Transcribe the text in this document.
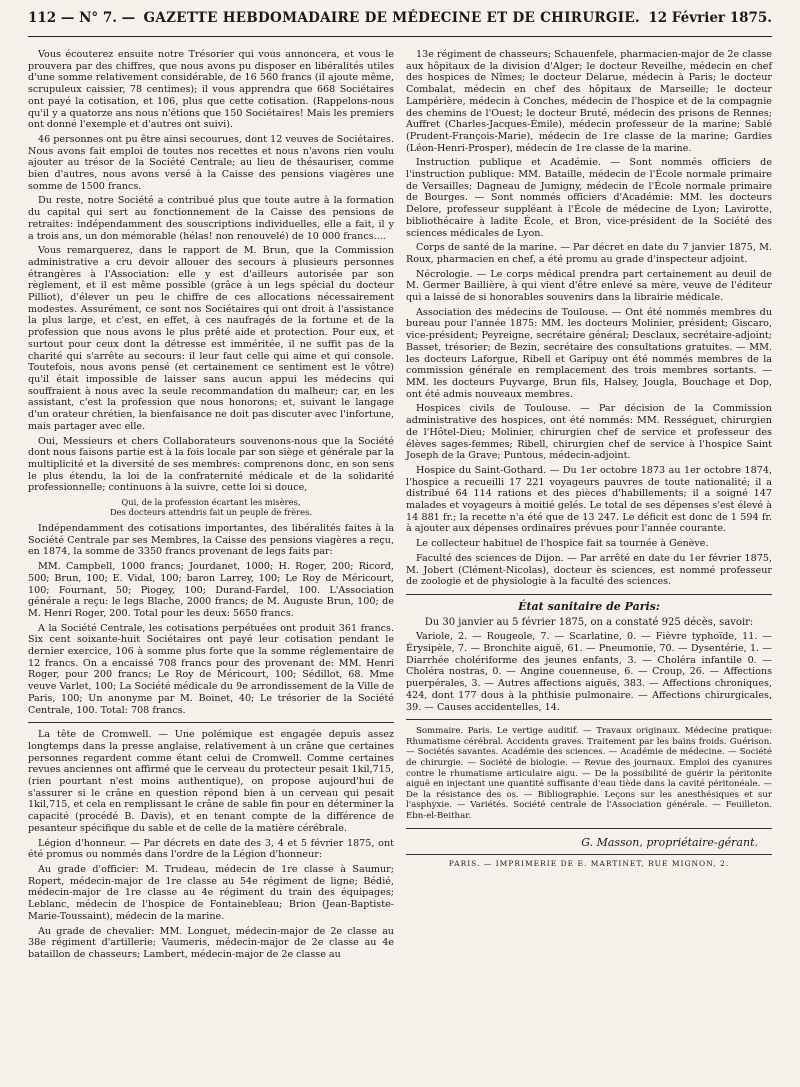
112 — N° 7. — GAZETTE HEBDOMADAIRE DE MÉDECINE ET DE CHIRURGIE. 12 Février 1875.

Vous écouterez ensuite notre Trésorier qui vous annoncera, et vous le prouvera par des chiffres, que nous avons pu disposer en libéralités utiles d'une somme relativement considérable, de 16 560 francs (il ajoute même, scrupuleux caissier, 78 centimes); il vous apprendra que 668 Sociétaires ont payé la cotisation, et 106, plus que cette cotisation. (Rappelons-nous qu'il y a quatorze ans nous n'étions que 150 Sociétaires! Mais les premiers ont donné l'exemple et d'autres ont suivi).

46 personnes ont pu être ainsi secourues, dont 12 veuves de Sociétaires. Nous avons fait emploi de toutes nos recettes et nous n'avons rien voulu ajouter au trésor de la Société Centrale; au lieu de thésauriser, comme bien d'autres, nous avons versé à la Caisse des pensions viagères une somme de 1500 francs.

Du reste, notre Société a contribué plus que toute autre à la formation du capital qui sert au fonctionnement de la Caisse des pensions de retraites: indépendamment des souscriptions individuelles, elle a fait, il y a trois ans, un don mémorable (hélas! non renouvelé) de 10 000 francs....

Vous remarquerez, dans le rapport de M. Brun, que la Commission administrative a cru devoir allouer des secours à plusieurs personnes étrangères à l'Association: elle y est d'ailleurs autorisée par son règlement, et il est même possible (grâce à un legs spécial du docteur Pilliot), d'élever un peu le chiffre de ces allocations nécessairement modestes. Assurément, ce sont nos Sociétaires qui ont droit à l'assistance la plus large, et c'est, en effet, à ces naufragés de la fortune et de la profession que nous avons le plus prêté aide et protection. Pour eux, et surtout pour ceux dont la détresse est imméritée, il ne suffit pas de la charité qui s'arrête au secours: il leur faut celle qui aime et qui console. Toutefois, nous avons pensé (et certainement ce sentiment est le vôtre) qu'il était impossible de laisser sans aucun appui les médecins qui souffraient à nous avec la seule recommandation du malheur; car, en les assistant, c'est la profession que nous honorons; et, suivant le langage d'un orateur chrétien, la bienfaisance ne doit pas discuter avec l'infortune, mais partager avec elle.

Oui, Messieurs et chers Collaborateurs souvenons-nous que la Société dont nous faisons partie est à la fois locale par son siège et générale par la multiplicité et la diversité de ses membres: comprenons donc, en son sens le plus étendu, la loi de la confraternité médicale et de la solidarité professionnelle; continuons à la suivre, cette loi si douce,

Qui, de la profession écartant les misères,
Des docteurs attendris fait un peuple de frères.

Indépendamment des cotisations importantes, des libéralités faites à la Société Centrale par ses Membres, la Caisse des pensions viagères a reçu, en 1874, la somme de 3350 francs provenant de legs faits par:

MM. Campbell, 1000 francs; Jourdanet, 1000; H. Roger, 200; Ricord, 500; Brun, 100; E. Vidal, 100; baron Larrey, 100; Le Roy de Méricourt, 100; Fournant, 50; Piogey, 100; Durand-Fardel, 100. L'Association générale a reçu: le legs Blache, 2000 francs; de M. Auguste Brun, 100; de M. Henri Roger, 200. Total pour les deux: 5650 francs.

A la Société Centrale, les cotisations perpétuées ont produit 361 francs. Six cent soixante-huit Sociétaires ont payé leur cotisation pendant le dernier exercice, 106 à somme plus forte que la somme réglementaire de 12 francs. On a encaissé 708 francs pour des provenant de: MM. Henri Roger, pour 200 francs; Le Roy de Méricourt, 100; Sédillot, 68. Mme veuve Varlet, 100; La Société médicale du 9e arrondissement de la Ville de Paris, 100; Un anonyme par M. Boinet, 40; Le trésorier de la Société Centrale, 100. Total: 708 francs.

La tête de Cromwell. — Une polémique est engagée depuis assez longtemps dans la presse anglaise, relativement à un crâne que certaines personnes regardent comme étant celui de Cromwell. Comme certaines revues anciennes ont affirmé que le cerveau du protecteur pesait 1kil,715, (rien pourtant n'est moins authentique), on propose aujourd'hui de s'assurer si le crâne en question répond bien à un cerveau qui pesait 1kil,715, et cela en remplissant le crâne de sable fin pour en déterminer la capacité (procédé B. Davis), et en tenant compte de la différence de pesanteur spécifique du sable et de celle de la matière cérébrale.

Légion d'honneur. — Par décrets en date des 3, 4 et 5 février 1875, ont été promus ou nommés dans l'ordre de la Légion d'honneur:

Au grade d'officier: M. Trudeau, médecin de 1re classe à Saumur; Ropert, médecin-major de 1re classe au 54e régiment de ligne; Bédié, médecin-major de 1re classe au 4e régiment du train des équipages; Leblanc, médecin de l'hospice de Fontainebleau; Brion (Jean-Baptiste-Marie-Toussaint), médecin de la marine.

Au grade de chevalier: MM. Longuet, médecin-major de 2e classe au 38e régiment d'artillerie; Vaumeris, médecin-major de 2e classe au 4e bataillon de chasseurs; Lambert, médecin-major de 2e classe au

13e régiment de chasseurs; Schauenfele, pharmacien-major de 2e classe aux hôpitaux de la division d'Alger; le docteur Reveilhe, médecin en chef des hospices de Nîmes; le docteur Delarue, médecin à Paris; le docteur Combalat, médecin en chef des hôpitaux de Marseille; le docteur Lampérière, médecin à Conches, médecin de l'hospice et de la compagnie des chemins de l'Ouest; le docteur Bruté, médecin des prisons de Rennes; Auffret (Charles-Jacques-Émile), médecin professeur de la marine; Sablé (Prudent-François-Marie), médecin de 1re classe de la marine; Gardies (Léon-Henri-Prosper), médecin de 1re classe de la marine.

Instruction publique et Académie. — Sont nommés officiers de l'instruction publique: MM. Bataille, médecin de l'École normale primaire de Versailles; Dagneau de Jumigny, médecin de l'École normale primaire de Bourges. — Sont nommés officiers d'Académie: MM. les docteurs Delore, professeur suppléant à l'École de médecine de Lyon; Lavirotte, bibliothécaire à ladite École, et Bron, vice-président de la Société des sciences médicales de Lyon.

Corps de santé de la marine. — Par décret en date du 7 janvier 1875, M. Roux, pharmacien en chef, a été promu au grade d'inspecteur adjoint.

Nécrologie. — Le corps médical prendra part certainement au deuil de M. Germer Baillière, à qui vient d'être enlevé sa mère, veuve de l'éditeur qui a laissé de si honorables souvenirs dans la librairie médicale.

Association des médecins de Toulouse. — Ont été nommés membres du bureau pour l'année 1875: MM. les docteurs Molinier, président; Giscaro, vice-président; Peyreigne, secrétaire général; Desclaux, secrétaire-adjoint; Basset, trésorier; de Bezin, secrétaire des consultations gratuites. — MM. les docteurs Laforgue, Ribell et Garipuy ont été nommés membres de la commission générale en remplacement des trois membres sortants. — MM. les docteurs Puyvarge, Brun fils, Halsey, Jougla, Bouchage et Dop, ont été admis nouveaux membres.

Hospices civils de Toulouse. — Par décision de la Commission administrative des hospices, ont été nommés: MM. Rességuet, chirurgien de l'Hôtel-Dieu; Molinier, chirurgien chef de service et professeur des élèves sages-femmes; Ribell, chirurgien chef de service à l'hospice Saint Joseph de la Grave; Puntous, médecin-adjoint.

Hospice du Saint-Gothard. — Du 1er octobre 1873 au 1er octobre 1874, l'hospice a recueilli 17 221 voyageurs pauvres de toute nationalité; il a distribué 64 114 rations et des pièces d'habillements; il a soigné 147 malades et voyageurs à moitié gelés. Le total de ses dépenses s'est élevé à 14 881 fr.; la recette n'a été que de 13 247. Le déficit est donc de 1 594 fr. à ajouter aux dépenses ordinaires prévues pour l'année courante.

Le collecteur habituel de l'hospice fait sa tournée à Genève.

Faculté des sciences de Dijon. — Par arrêté en date du 1er février 1875, M. Jobert (Clément-Nicolas), docteur ès sciences, est nommé professeur de zoologie et de physiologie à la faculté des sciences.

État sanitaire de Paris:
Du 30 janvier au 5 février 1875, on a constaté 925 décès, savoir:

Variole, 2. — Rougeole, 7. — Scarlatine, 0. — Fièvre typhoïde, 11. — Érysipèle, 7. — Bronchite aiguë, 61. — Pneumonie, 70. — Dysentérie, 1. — Diarrhée cholériforme des jeunes enfants, 3. — Choléra infantile 0. — Choléra nostras, 0. — Angine couenneuse, 6. — Croup, 26. — Affections puerpérales, 3. — Autres affections aiguës, 383. — Affections chroniques, 424, dont 177 dous à la phthisie pulmonaire. — Affections chirurgicales, 39. — Causes accidentelles, 14.

Sommaire. Paris. Le vertige auditif. — Travaux originaux. Médecine pratique: Rhumatisme cérébral. Accidents graves. Traitement par les bains froids. Guérison. — Sociétés savantes. Académie des sciences. — Académie de médecine. — Société de chirurgie. — Société de biologie. — Revue des journaux. Emploi des cyanures contre le rhumatisme articulaire aigu. — De la possibilité de guérir la péritonite aiguë en injectant une quantité suffisante d'eau tiède dans la cavité péritonéale. — De la résistance des os. — Bibliographie. Leçons sur les anesthésiques et sur l'asphyxie. — Variétés. Société centrale de l'Association générale. — Feuilleton. Ebn-el-Beithar.

G. Masson, propriétaire-gérant.
PARIS. — IMPRIMERIE DE E. MARTINET, RUE MIGNON, 2.
